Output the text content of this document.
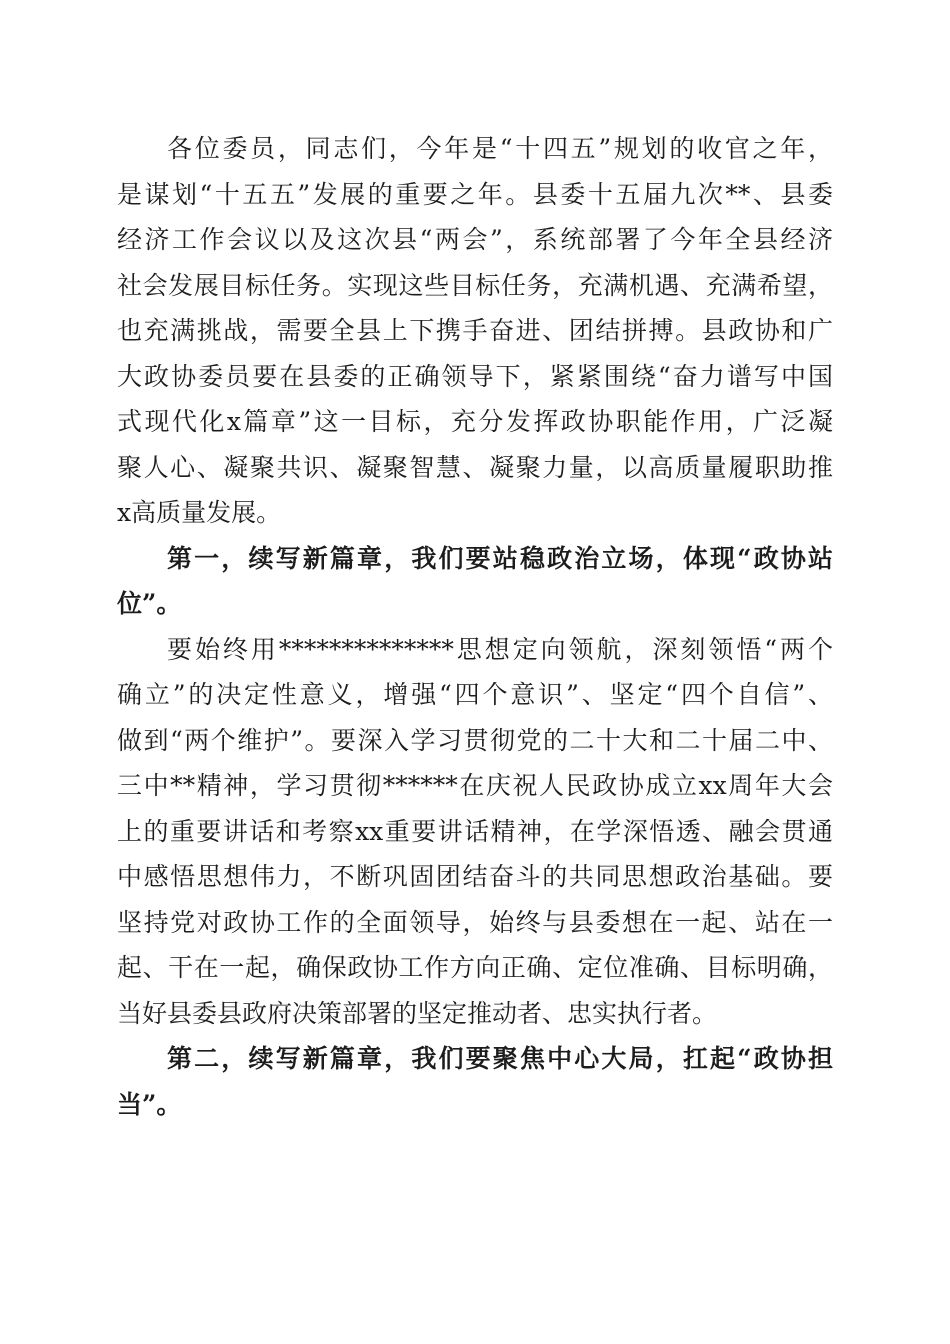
各位委员，同志们，今年是“十四五”规划的收官之年，
是谋划“十五五”发展的重要之年。县委十五届九次**、县委
经济工作会议以及这次县“两会”，系统部署了今年全县经济
社会发展目标任务。实现这些目标任务，充满机遇、充满希望，
也充满挑战，需要全县上下携手奋进、团结拼搏。县政协和广
大政协委员要在县委的正确领导下，紧紧围绕“奋力谱写中国
式现代化x篇章”这一目标，充分发挥政协职能作用，广泛凝
聚人心、凝聚共识、凝聚智慧、凝聚力量，以高质量履职助推
x高质量发展。
第一，续写新篇章，我们要站稳政治立场，体现“政协站
位”。
要始终用**************思想定向领航，深刻领悟“两个
确立”的决定性意义，增强“四个意识”、坚定“四个自信”、
做到“两个维护”。要深入学习贯彻党的二十大和二十届二中、
三中**精神，学习贯彻******在庆祝人民政协成立xx周年大会
上的重要讲话和考察xx重要讲话精神，在学深悟透、融会贯通
中感悟思想伟力，不断巩固团结奋斗的共同思想政治基础。要
坚持党对政协工作的全面领导，始终与县委想在一起、站在一
起、干在一起，确保政协工作方向正确、定位准确、目标明确，
当好县委县政府决策部署的坚定推动者、忠实执行者。
第二，续写新篇章，我们要聚焦中心大局，扛起“政协担
当”。
